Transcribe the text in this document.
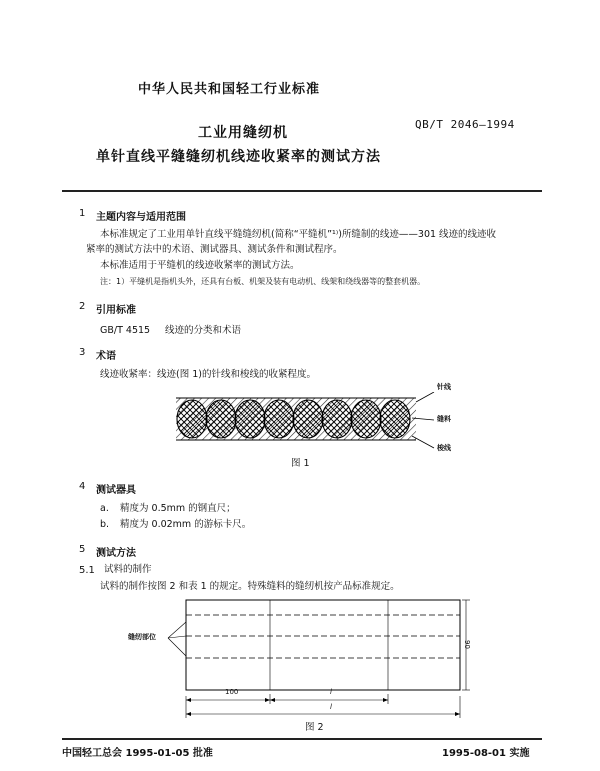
中华人民共和国轻工行业标准
工业用缝纫机
QB/T 2046—1994
单针直线平缝缝纫机线迹收紧率的测试方法
1 主题内容与适用范围
本标准规定了工业用单针直线平缝缝纫机(简称“平缝机”¹⁾)所缝制的线迹——301 线迹的线迹收
紧率的测试方法中的术语、测试器具、测试条件和测试程序。
本标准适用于平缝机的线迹收紧率的测试方法。
注：1）平缝机是指机头外，还具有台板、机架及装有电动机、线架和绕线器等的整套机器。
2 引用标准
GB/T 4515 线迹的分类和术语
3 术语
线迹收紧率：线迹(图 1)的针线和梭线的收紧程度。
针线
缝料
梭线
图 1
4 测试器具
a. 精度为 0.5mm 的钢直尺；
b. 精度为 0.02mm 的游标卡尺。
5 测试方法
5.1 试料的制作
试料的制作按图 2 和表 1 的规定。特殊缝料的缝纫机按产品标准规定。
缝纫部位
100	l
l
90
图 2
中国轻工总会 1995-01-05 批准	1995-08-01 实施
